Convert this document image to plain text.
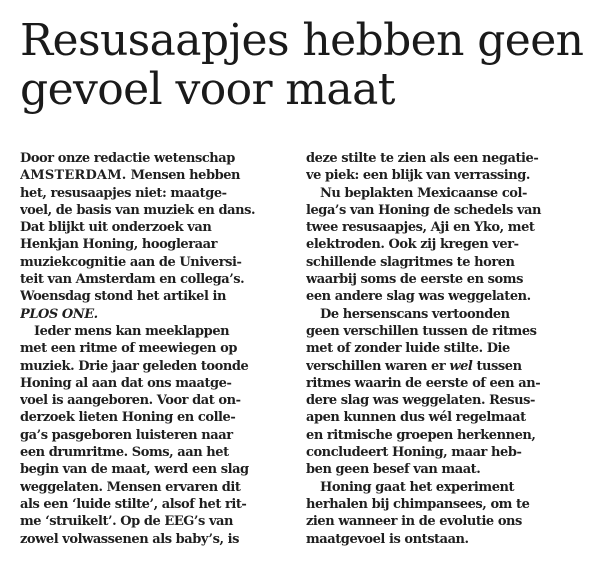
Resusaapjes hebben geen
gevoel voor maat
Door onze redactie wetenschap
AMSTERDAM. Mensen hebben
het, resusaapjes niet: maatge-
voel, de basis van muziek en dans.
Dat blijkt uit onderzoek van
Henkjan Honing, hoogleraar
muziekcognitie aan de Universi-
teit van Amsterdam en collega’s.
Woensdag stond het artikel in
PLOS ONE.
Ieder mens kan meeklappen
met een ritme of meewiegen op
muziek. Drie jaar geleden toonde
Honing al aan dat ons maatge-
voel is aangeboren. Voor dat on-
derzoek lieten Honing en colle-
ga’s pasgeboren luisteren naar
een drumritme. Soms, aan het
begin van de maat, werd een slag
weggelaten. Mensen ervaren dit
als een ‘luide stilte’, alsof het rit-
me ‘struikelt’. Op de EEG’s van
zowel volwassenen als baby’s, is
deze stilte te zien als een negatie-
ve piek: een blijk van verrassing.
Nu beplakten Mexicaanse col-
lega’s van Honing de schedels van
twee resusaapjes, Aji en Yko, met
elektroden. Ook zij kregen ver-
schillende slagritmes te horen
waarbij soms de eerste en soms
een andere slag was weggelaten.
De hersenscans vertoonden
geen verschillen tussen de ritmes
met of zonder luide stilte. Die
verschillen waren er wel tussen
ritmes waarin de eerste of een an-
dere slag was weggelaten. Resus-
apen kunnen dus wél regelmaat
en ritmische groepen herkennen,
concludeert Honing, maar heb-
ben geen besef van maat.
Honing gaat het experiment
herhalen bij chimpansees, om te
zien wanneer in de evolutie ons
maatgevoel is ontstaan.
